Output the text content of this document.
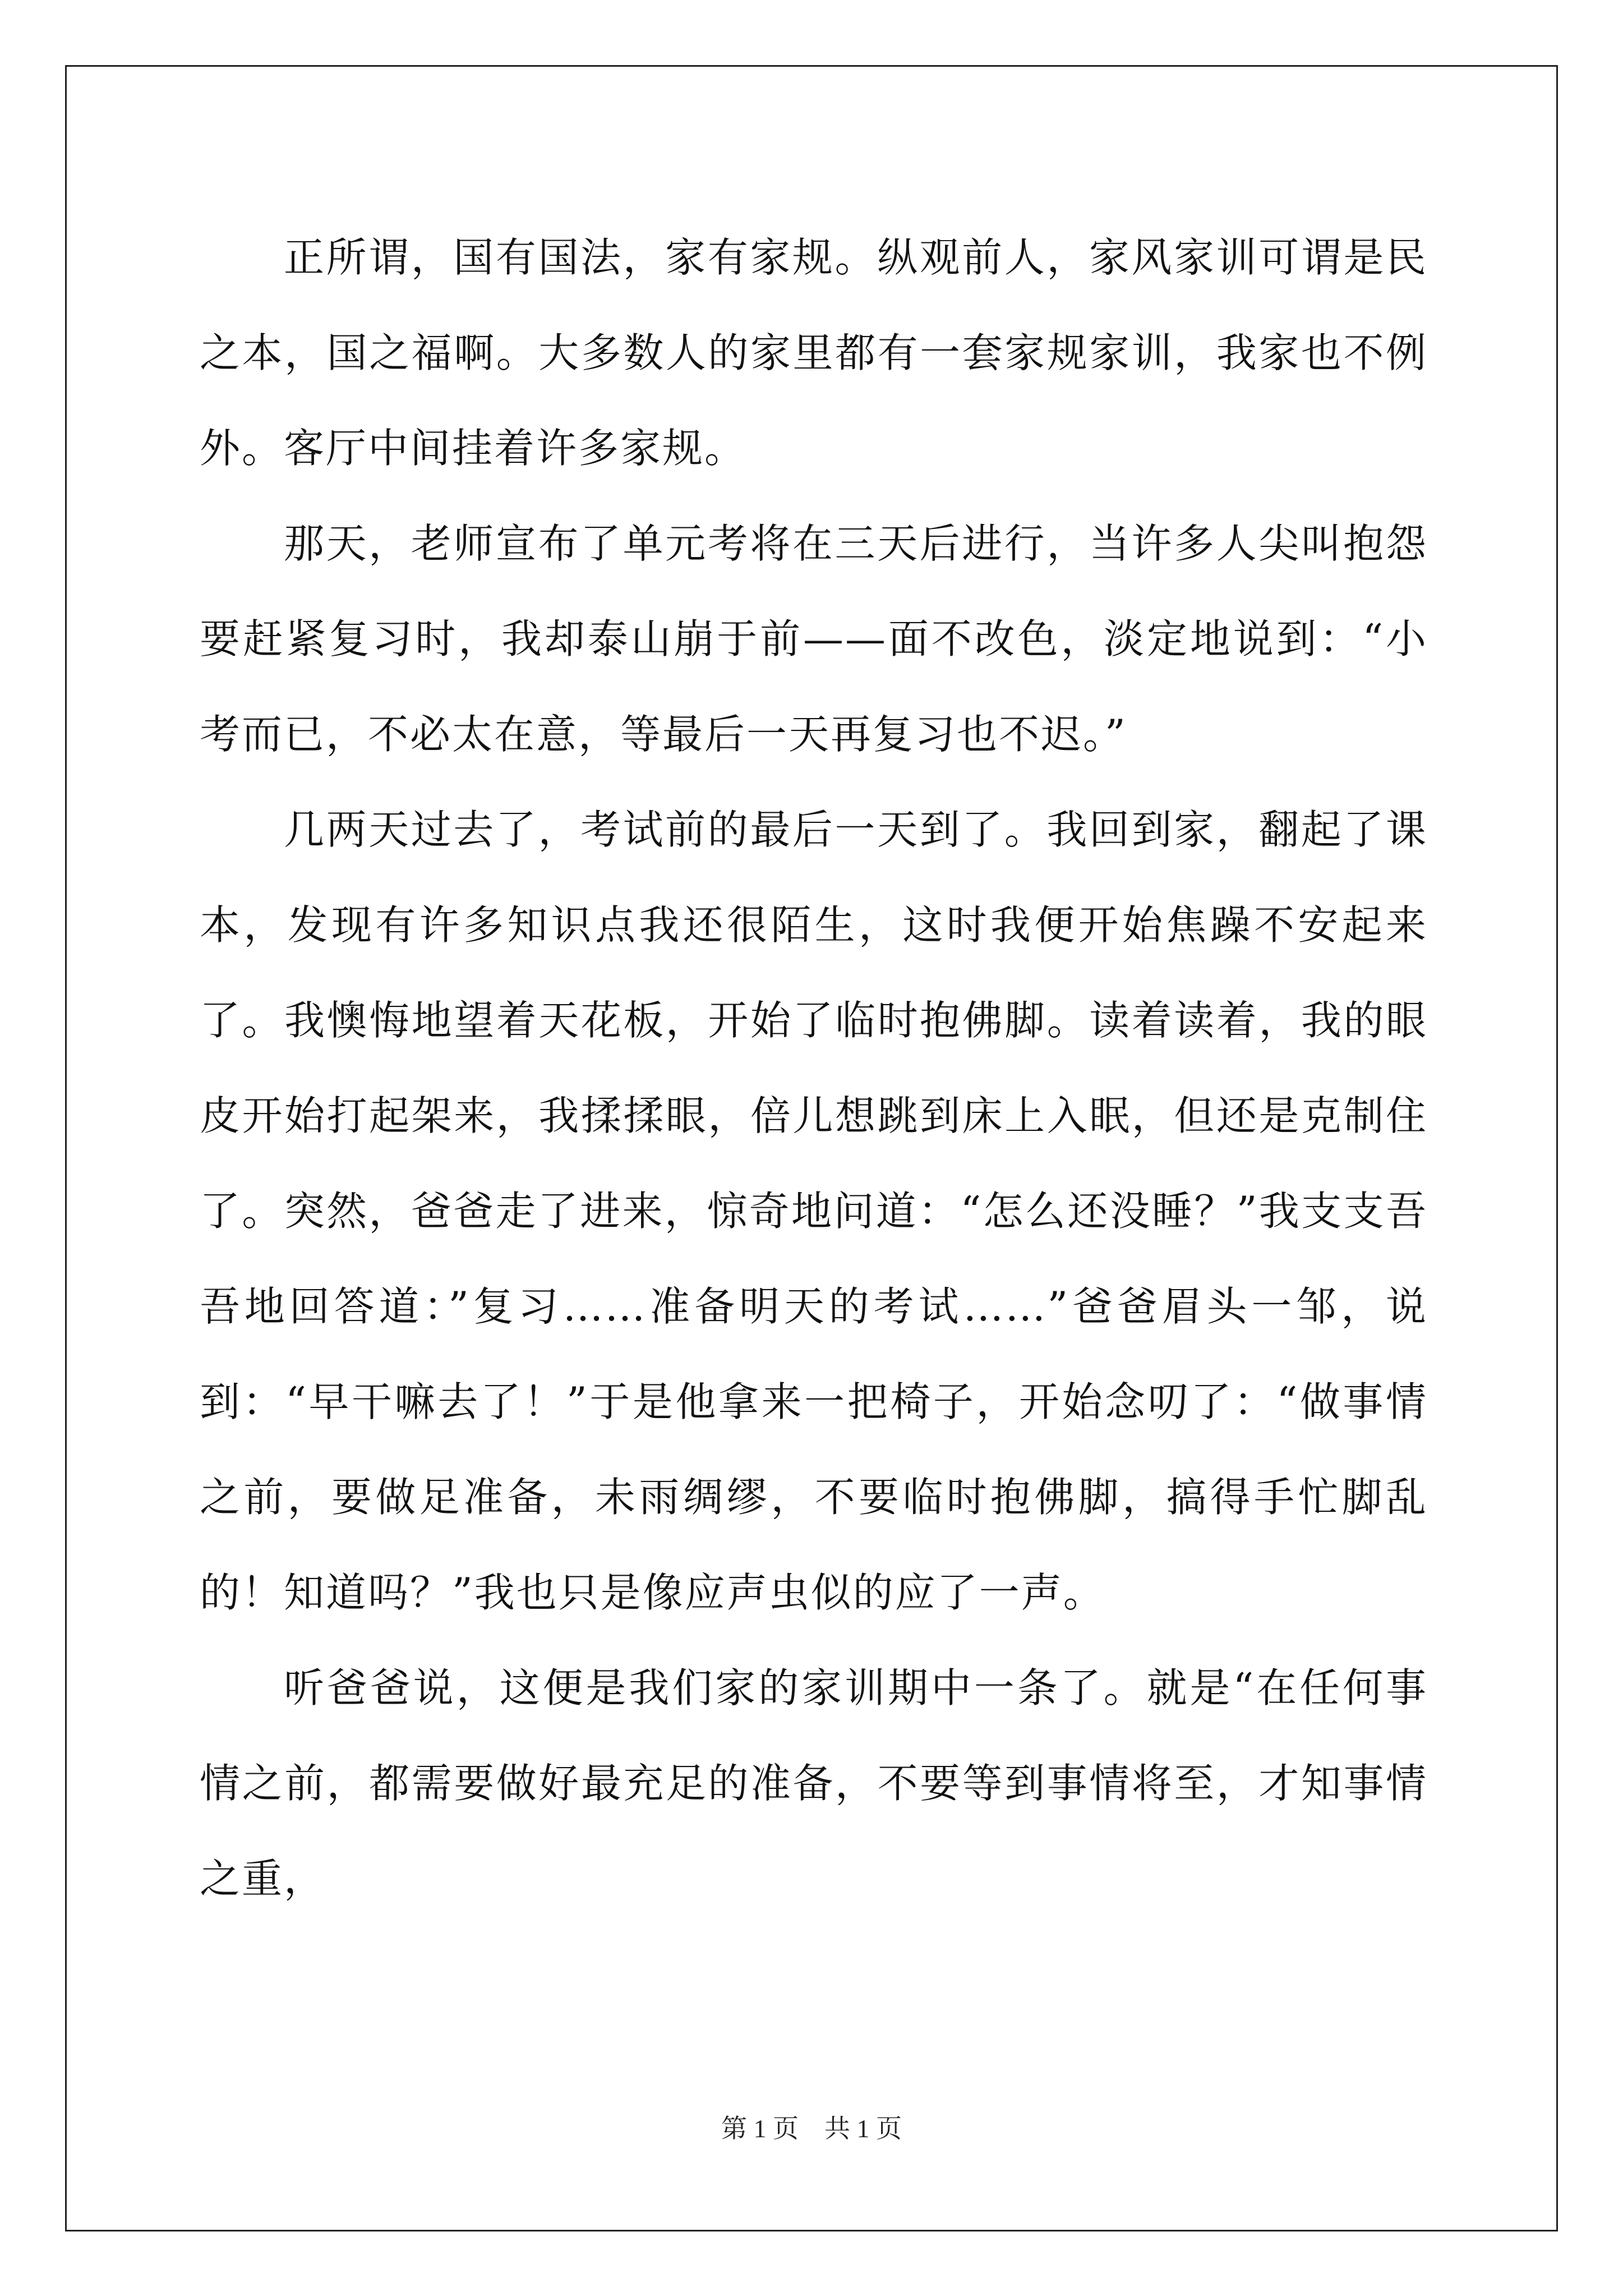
正所谓，国有国法，家有家规。纵观前人，家风家训可谓是民之本，国之福啊。大多数人的家里都有一套家规家训，我家也不例外。客厅中间挂着许多家规。

那天，老师宣布了单元考将在三天后进行，当许多人尖叫抱怨要赶紧复习时，我却泰山崩于前——面不改色，淡定地说到：“小考而已，不必太在意，等最后一天再复习也不迟。”

几两天过去了，考试前的最后一天到了。我回到家，翻起了课本，发现有许多知识点我还很陌生，这时我便开始焦躁不安起来了。我懊悔地望着天花板，开始了临时抱佛脚。读着读着，我的眼皮开始打起架来，我揉揉眼，倍儿想跳到床上入眠，但还是克制住了。突然，爸爸走了进来，惊奇地问道：“怎么还没睡？”我支支吾吾地回答道：”复习……准备明天的考试……”爸爸眉头一邹，说到：“早干嘛去了！”于是他拿来一把椅子，开始念叨了：“做事情之前，要做足准备，未雨绸缪，不要临时抱佛脚，搞得手忙脚乱的！知道吗？”我也只是像应声虫似的应了一声。

听爸爸说，这便是我们家的家训期中一条了。就是“在任何事情之前，都需要做好最充足的准备，不要等到事情将至，才知事情之重，

第 1 页 共 1 页
